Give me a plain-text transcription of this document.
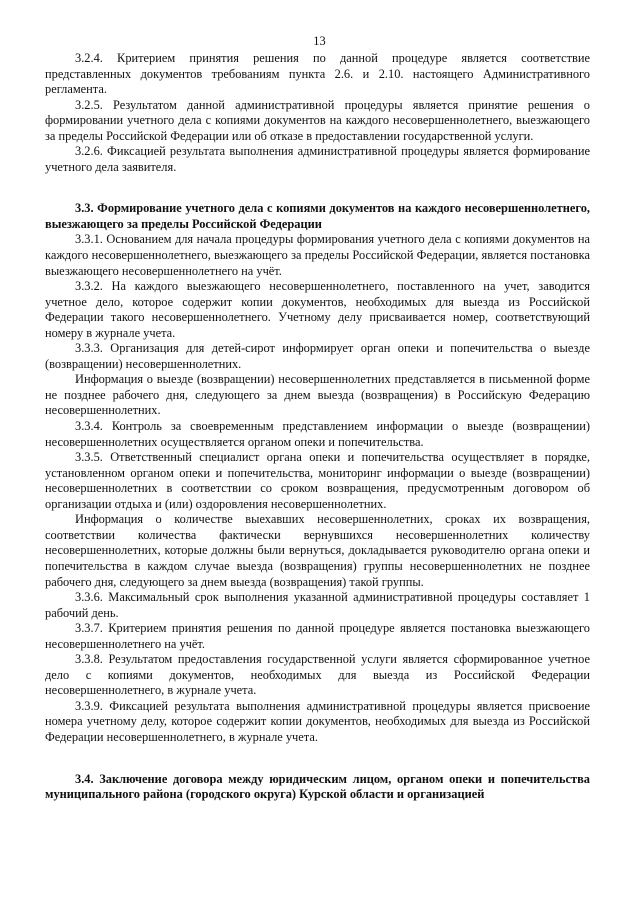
13

3.2.4. Критерием принятия решения по данной процедуре является соответствие представленных документов требованиям пункта 2.6. и 2.10. настоящего Административного регламента.

3.2.5. Результатом данной административной процедуры является принятие решения о формировании учетного дела с копиями документов на каждого несовершеннолетнего, выезжающего за пределы Российской Федерации или об отказе в предоставлении государственной услуги.

3.2.6. Фиксацией результата выполнения административной процедуры является формирование учетного дела заявителя.

3.3. Формирование учетного дела с копиями документов на каждого несовершеннолетнего, выезжающего за пределы Российской Федерации

3.3.1. Основанием для начала процедуры формирования учетного дела с копиями документов на каждого несовершеннолетнего, выезжающего за пределы Российской Федерации, является постановка выезжающего несовершеннолетнего на учёт.

3.3.2. На каждого выезжающего несовершеннолетнего, поставленного на учет, заводится учетное дело, которое содержит копии документов, необходимых для выезда из Российской Федерации такого несовершеннолетнего. Учетному делу присваивается номер, соответствующий номеру в журнале учета.

3.3.3. Организация для детей-сирот информирует орган опеки и попечительства о выезде (возвращении) несовершеннолетних.

Информация о выезде (возвращении) несовершеннолетних представляется в письменной форме не позднее рабочего дня, следующего за днем выезда (возвращения) в Российскую Федерацию несовершеннолетних.

3.3.4. Контроль за своевременным представлением информации о выезде (возвращении) несовершеннолетних осуществляется органом опеки и попечительства.

3.3.5. Ответственный специалист органа опеки и попечительства осуществляет в порядке, установленном органом опеки и попечительства, мониторинг информации о выезде (возвращении) несовершеннолетних в соответствии со сроком возвращения, предусмотренным договором об организации отдыха и (или) оздоровления несовершеннолетних.

Информация о количестве выехавших несовершеннолетних, сроках их возвращения, соответствии количества фактически вернувшихся несовершеннолетних количеству несовершеннолетних, которые должны были вернуться, докладывается руководителю органа опеки и попечительства в каждом случае выезда (возвращения) группы несовершеннолетних не позднее рабочего дня, следующего за днем выезда (возвращения) такой группы.

3.3.6. Максимальный срок выполнения указанной административной процедуры составляет 1 рабочий день.

3.3.7. Критерием принятия решения по данной процедуре является постановка выезжающего несовершеннолетнего на учёт.

3.3.8. Результатом предоставления государственной услуги является сформированное учетное дело с копиями документов, необходимых для выезда из Российской Федерации несовершеннолетнего, в журнале учета.

3.3.9. Фиксацией результата выполнения административной процедуры является присвоение номера учетному делу, которое содержит копии документов, необходимых для выезда из Российской Федерации несовершеннолетнего, в журнале учета.

3.4. Заключение договора между юридическим лицом, органом опеки и попечительства муниципального района (городского округа) Курской области и организацией
